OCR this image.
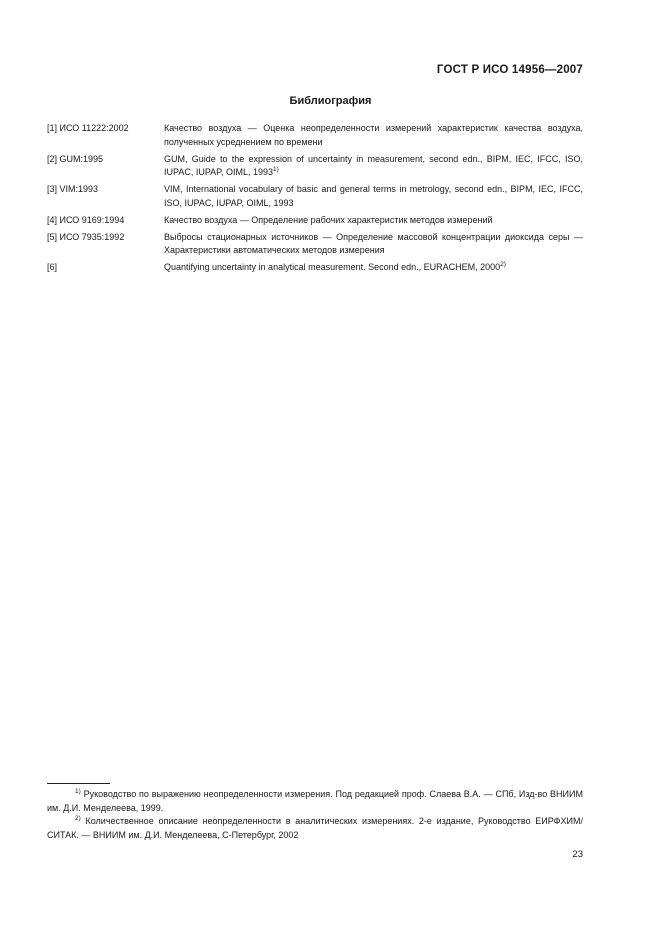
ГОСТ Р ИСО 14956—2007
Библиография
[1] ИСО 11222:2002	Качество воздуха — Оценка неопределенности измерений характеристик качества воздуха, полученных усреднением по времени
[2] GUM:1995	GUM, Guide to the expression of uncertainty in measurement, second edn., BIPM, IEC, IFCC, ISO, IUPAC, IUPAP, OIML, 1993$^{1)}$
[3] VIM:1993	VIM, International vocabulary of basic and general terms in metrology, second edn., BIPM, IEC, IFCC, ISO, IUPAC, IUPAP, OIML, 1993
[4] ИСО 9169:1994	Качество воздуха — Определение рабочих характеристик методов измерений
[5] ИСО 7935:1992	Выбросы стационарных источников — Определение массовой концентрации диоксида серы — Характеристики автоматических методов измерения
[6]	Quantifying uncertainty in analytical measurement. Second edn., EURACHEM, 2000$^{2)}$
$^{1)}$ Руководство по выражению неопределенности измерения. Под редакцией проф. Слаева В.А. — СПб, Изд-во ВНИИМ им. Д.И. Менделеева, 1999.
$^{2)}$ Количественное описание неопределенности в аналитических измерениях. 2-е издание, Руководство ЕИРФХИМ/СИТАК. — ВНИИМ им. Д.И. Менделеева, С-Петербург, 2002
23
